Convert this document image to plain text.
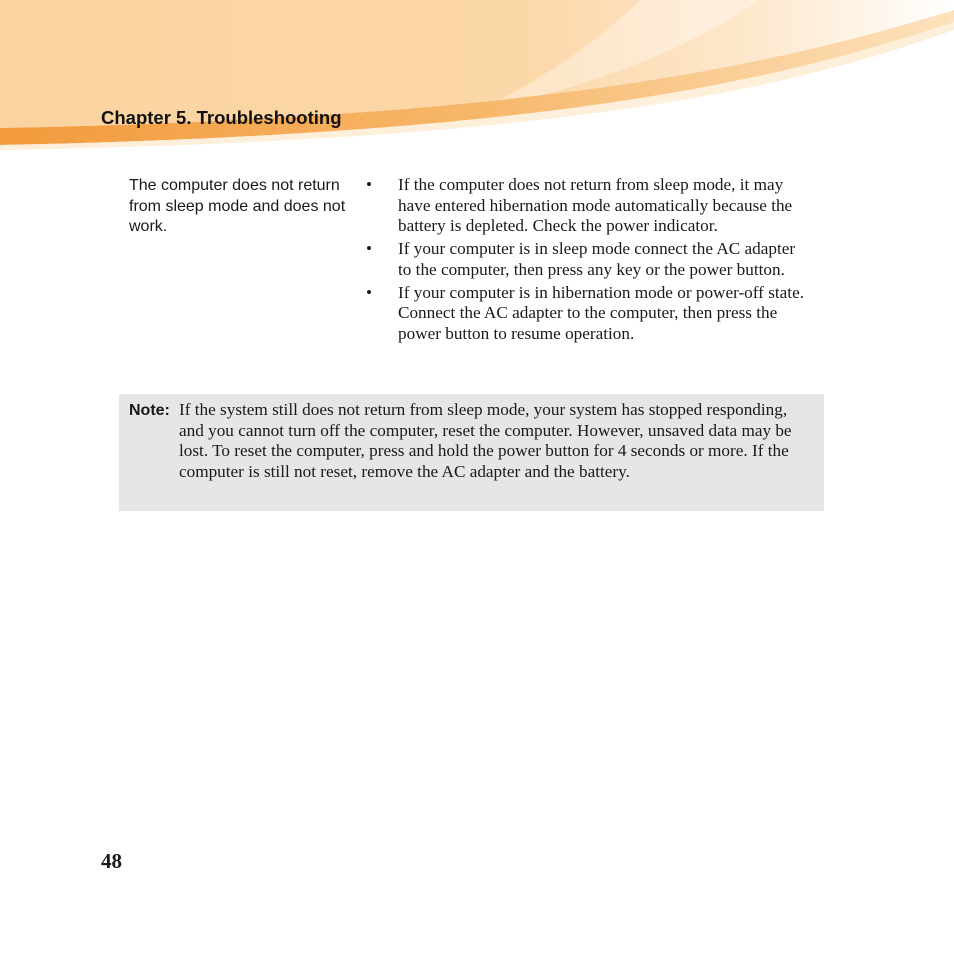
Chapter 5. Troubleshooting
The computer does not return from sleep mode and does not work.
• If the computer does not return from sleep mode, it may have entered hibernation mode automatically because the battery is depleted. Check the power indicator.
• If your computer is in sleep mode connect the AC adapter to the computer, then press any key or the power button.
• If your computer is in hibernation mode or power-off state. Connect the AC adapter to the computer, then press the power button to resume operation.
Note: If the system still does not return from sleep mode, your system has stopped responding, and you cannot turn off the computer, reset the computer. However, unsaved data may be lost. To reset the computer, press and hold the power button for 4 seconds or more. If the computer is still not reset, remove the AC adapter and the battery.
48
